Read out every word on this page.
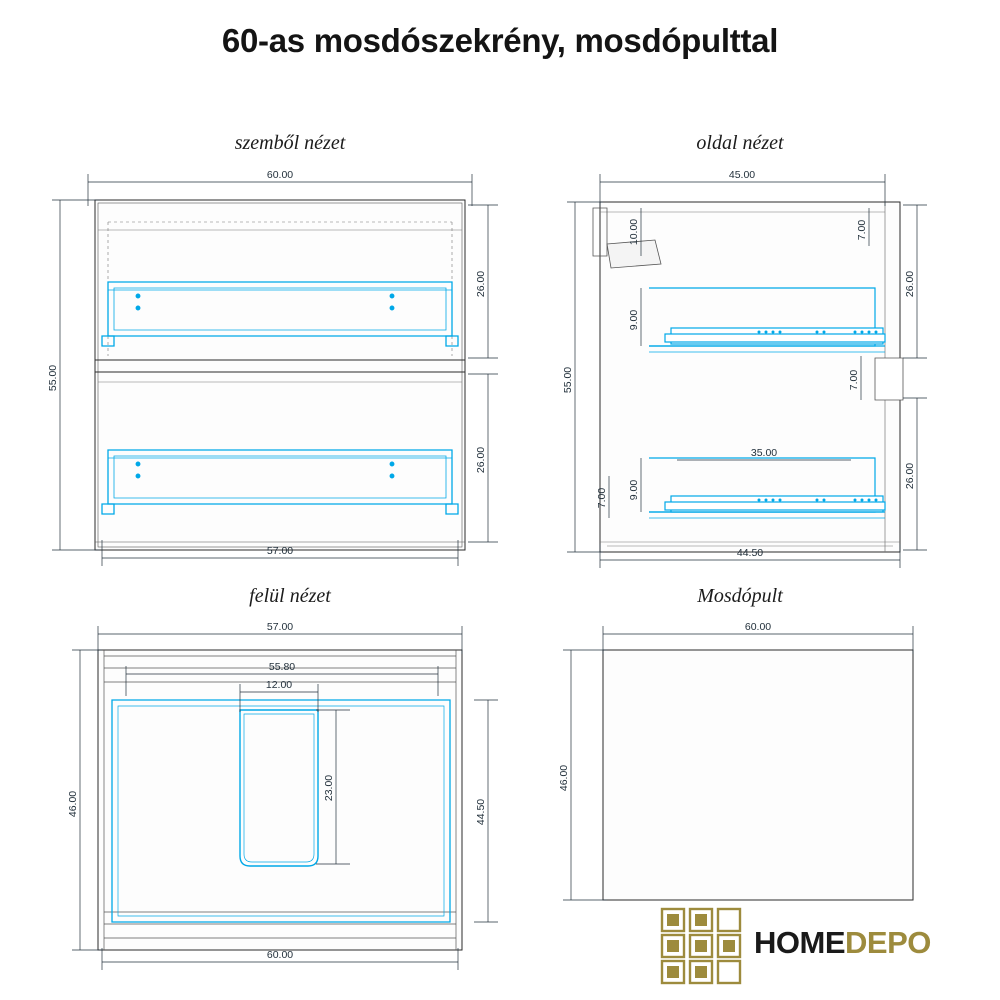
60-as mosdószekrény, mosdópulttal
szemből nézet
60.00
57.00
55.00
26.00
26.00
oldal nézet
45.00
44.50
55.00
26.00
26.00
10.00	7.00
9.00
9.00
7.00
7.00
35.00
felül nézet
57.00
60.00
46.00	44.50
55.80
12.00
23.00
Mosdópult
60.00
46.00
HOMEDEPO
